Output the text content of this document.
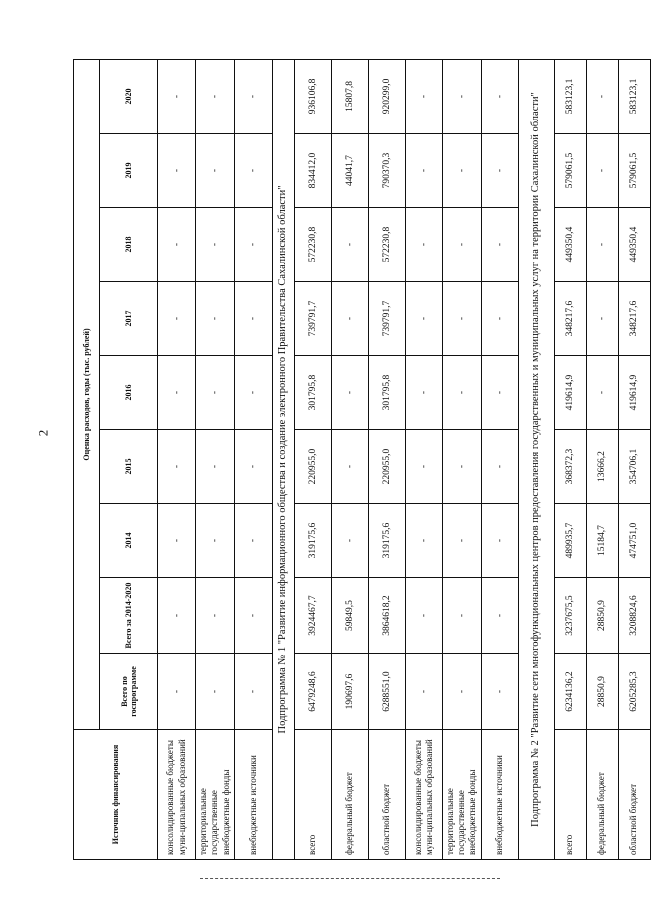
2
Источник финансирования	Оценка расходов, годы (тыс. рублей)								
	Всего по госпрограмме	Всего за 2014-2020	2014	2015	2016	2017	2018	2019	2020
консолидированные бюджеты муни-ципальных образований	-	-	-	-	-	-	-	-	-
территориальные государственные внебюджетные фонды	-	-	-	-	-	-	-	-	-
внебюджетные источники	-	-	-	-	-	-	-	-	-
Подпрограмма № 1 "Развитие информационного общества и создание электронного Правительства Сахалинской области"									
всего	6479248,6	3924467,7	319175,6	220955,0	301795,8	739791,7	572230,8	834412,0	936106,8
федеральный бюджет	190697,6	59849,5	-	-	-	-	-	44041,7	15807,8
областной бюджет	6288551,0	3864618,2	319175,6	220955,0	301795,8	739791,7	572230,8	790370,3	920299,0
консолидированные бюджеты муни-ципальных образований	-	-	-	-	-	-	-	-	-
территориальные государственные внебюджетные фонды	-	-	-	-	-	-	-	-	-
внебюджетные источники	-	-	-	-	-	-	-	-	-
Подпрограмма № 2 "Развитие сети многофункциональных центров предоставления государственных и муниципальных услуг на территории Сахалинской области"									
всего	6234136,2	3237675,5	489935,7	368372,3	419614,9	348217,6	449350,4	579061,5	583123,1
федеральный бюджет	28850,9	28850,9	15184,7	13666,2	-	-	-	-	-
областной бюджет	6205285,3	3208824,6	474751,0	354706,1	419614,9	348217,6	449350,4	579061,5	583123,1
